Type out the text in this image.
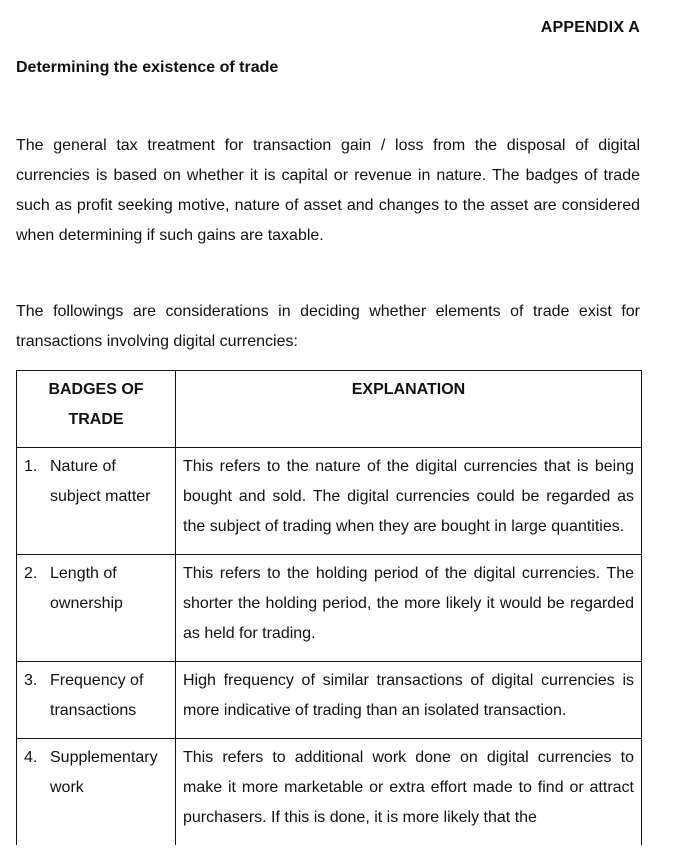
APPENDIX A
Determining the existence of trade

The general tax treatment for transaction gain / loss from the disposal of digital currencies is based on whether it is capital or revenue in nature. The badges of trade such as profit seeking motive, nature of asset and changes to the asset are considered when determining if such gains are taxable.

The followings are considerations in deciding whether elements of trade exist for transactions involving digital currencies:

BADGES OF TRADE	EXPLANATION

1. Nature of subject matter	This refers to the nature of the digital currencies that is being bought and sold. The digital currencies could be regarded as the subject of trading when they are bought in large quantities.

2. Length of ownership	This refers to the holding period of the digital currencies. The shorter the holding period, the more likely it would be regarded as held for trading.

3. Frequency of transactions	High frequency of similar transactions of digital currencies is more indicative of trading than an isolated transaction.

4. Supplementary work	This refers to additional work done on digital currencies to make it more marketable or extra effort made to find or attract purchasers. If this is done, it is more likely that the
